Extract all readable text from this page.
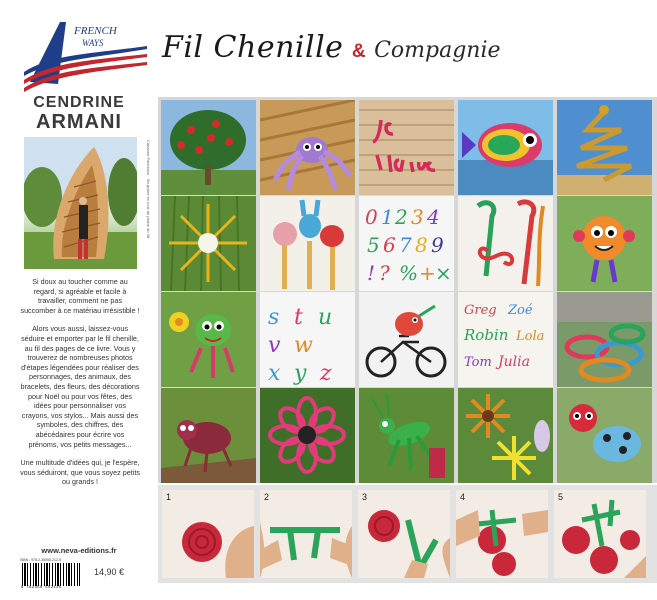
FRENCH
WAYS
CENDRINE
ARMANI
Cabanne Pubbluloo · Sculpture en bois de plaine du Nil

Si doux au toucher comme au regard, si agréable et facile à travailler, comment ne pas succomber à ce matériau irrésistible !

Alors vous aussi, laissez-vous séduire et emporter par le fil chenille, au fil des pages de ce livre. Vous y trouverez de nombreuses photos d'étapes légendées pour réaliser des personnages, des animaux, des bracelets, des fleurs, des décorations pour Noël ou pour vos fêtes, des idées pour personnaliser vos crayons, vos stylos... Mais aussi des symboles, des chiffres, des abécédaires pour écrire vos prénoms, vos petits messages...

Une multitude d'idées qui, je l'espère, vous séduiront, que vous soyez petits ou grands !

www.neva-editions.fr
ISBN : 978-2-35055-212-5
9 782350 552125
14,90 €
Fil Chenille & Compagnie
0 1 2 3 4
5 6 7 8 9
! ? % + ×
s t u
v w
x y z
Greg Zoé
Robin Lola
Tom Julia
1	2	3	4	5
